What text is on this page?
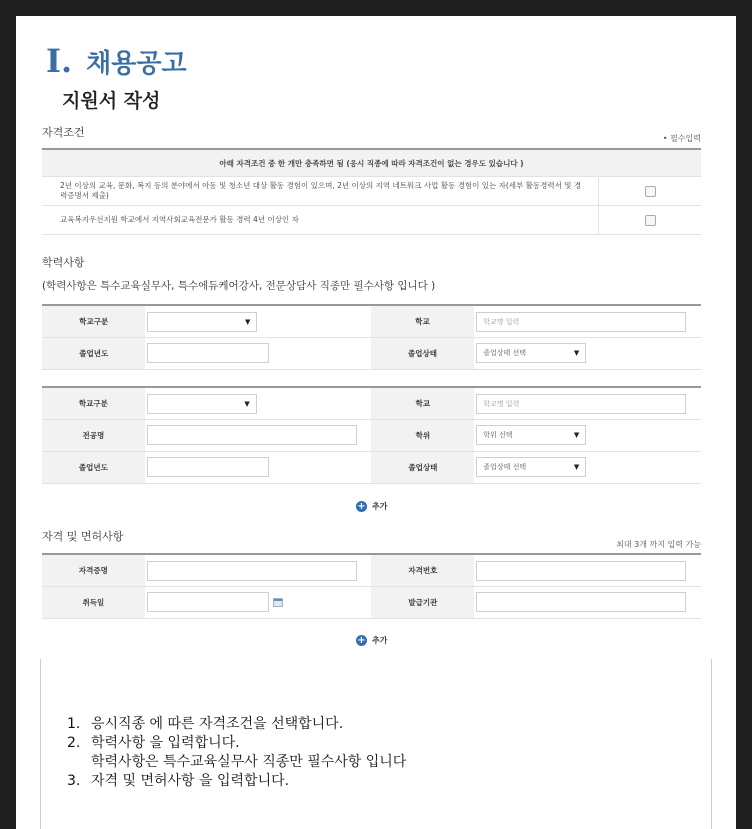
I. 채용공고
지원서 작성
자격조건	• 필수입력
아래 자격조건 중 한 개만 충족하면 됨 (응시 직종에 따라 자격조건이 없는 경우도 있습니다 )	
2년 이상의 교육, 문화, 복지 등의 분야에서 아동 및 청소년 대상 활동 경험이 있으며, 2년 이상의 지역 네트워크 사업 활동 경험이 있는 자(세부 활동경력서 및 경력증명서 제출)	
교육복지우선지원 학교에서 지역사회교육전문가 활동 경력 4년 이상인 자	
학력사항
(학력사항은 특수교육실무사, 특수에듀케어강사, 전문상담사 직종만 필수사항 입니다 )
학교구분	▼	학교	학교명 입력
졸업년도		졸업상태	졸업상태 선택 ▼
학교구분	▼	학교	학교명 입력
전공명		학위	학위 선택 ▼

졸업년도		졸업상태	졸업상태 선택 ▼
+ 추가
자격 및 면허사항
최대 3개 까지 입력 가능
자격증명		자격번호	
취득일		발급기관	
+ 추가
1. 응시직종 에 따른 자격조건을 선택합니다.
2. 학력사항 을 입력합니다.
학력사항은 특수교육실무사 직종만 필수사항 입니다
3. 자격 및 면허사항 을 입력합니다.
